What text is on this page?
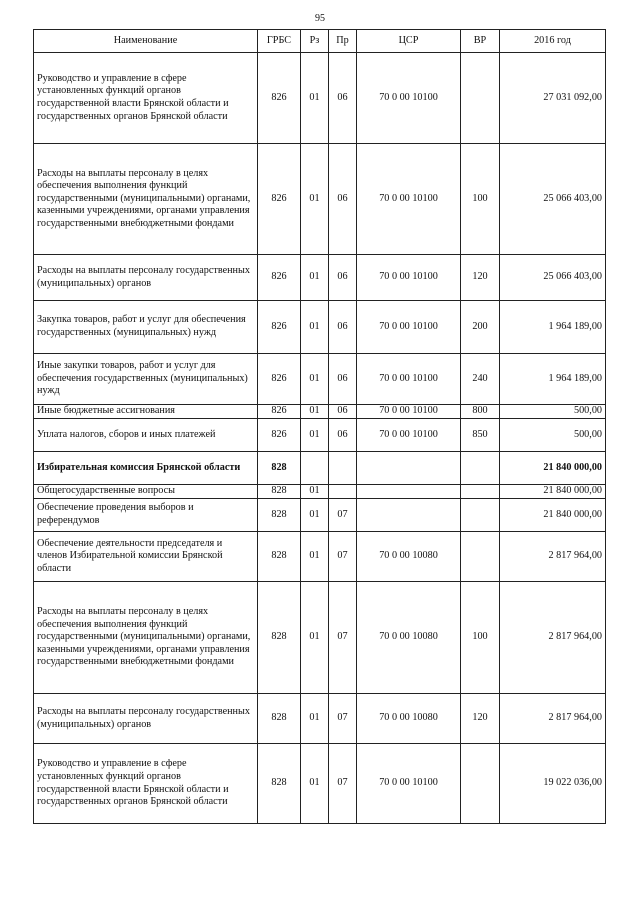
95
Наименование	ГРБС	Рз	Пр	ЦСР	ВР	2016 год
Руководство и управление в сфере установленных функций органов государственной власти Брянской области и государственных органов Брянской области	826	01	06	70 0 00 10100		27 031 092,00
Расходы на выплаты персоналу в целях обеспечения выполнения функций государственными (муниципальными) органами, казенными учреждениями, органами управления государственными внебюджетными фондами	826	01	06	70 0 00 10100	100	25 066 403,00
Расходы на выплаты персоналу государственных (муниципальных) органов	826	01	06	70 0 00 10100	120	25 066 403,00
Закупка товаров, работ и услуг для обеспечения государственных (муниципальных) нужд	826	01	06	70 0 00 10100	200	1 964 189,00
Иные закупки товаров, работ и услуг для обеспечения государственных (муниципальных) нужд	826	01	06	70 0 00 10100	240	1 964 189,00
Иные бюджетные ассигнования	826	01	06	70 0 00 10100	800	500,00
Уплата налогов, сборов и иных платежей	826	01	06	70 0 00 10100	850	500,00
Избирательная комиссия Брянской области	828					21 840 000,00
Общегосударственные вопросы	828	01				21 840 000,00
Обеспечение проведения выборов и референдумов	828	01	07			21 840 000,00
Обеспечение деятельности председателя и членов Избирательной комиссии Брянской области	828	01	07	70 0 00 10080		2 817 964,00
Расходы на выплаты персоналу в целях обеспечения выполнения функций государственными (муниципальными) органами, казенными учреждениями, органами управления государственными внебюджетными фондами	828	01	07	70 0 00 10080	100	2 817 964,00
Расходы на выплаты персоналу государственных (муниципальных) органов	828	01	07	70 0 00 10080	120	2 817 964,00
Руководство и управление в сфере установленных функций органов государственной власти Брянской области и государственных органов Брянской области	828	01	07	70 0 00 10100		19 022 036,00
